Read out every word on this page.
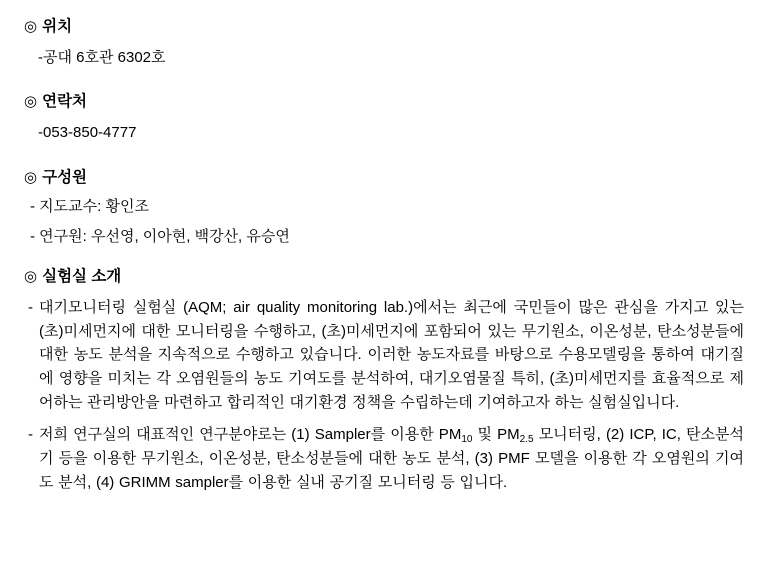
◎ 위치
-공대 6호관 6302호
◎ 연락처
-053-850-4777
◎ 구성원
- 지도교수: 황인조
- 연구원: 우선영, 이아현, 백강산, 유승연
◎ 실험실 소개
- 대기모니터링 실험실 (AQM; air quality monitoring lab.)에서는 최근에 국민들이 많은 관심을 가지고 있는 (초)미세먼지에 대한 모니터링을 수행하고, (초)미세먼지에 포함되어 있는 무기원소, 이온성분, 탄소성분들에 대한 농도 분석을 지속적으로 수행하고 있습니다. 이러한 농도자료를 바탕으로 수용모델링을 통하여 대기질에 영향을 미치는 각 오염원들의 농도 기여도를 분석하여, 대기오염물질 특히, (초)미세먼지를 효율적으로 제어하는 관리방안을 마련하고 합리적인 대기환경 정책을 수립하는데 기여하고자 하는 실험실입니다.
- 저희 연구실의 대표적인 연구분야로는 (1) Sampler를 이용한 $PM_{10}$ 및 $PM_{2.5}$ 모니터링, (2) ICP, IC, 탄소분석기 등을 이용한 무기원소, 이온성분, 탄소성분들에 대한 농도 분석, (3) PMF 모델을 이용한 각 오염원의 기여도 분석, (4) GRIMM sampler를 이용한 실내 공기질 모니터링 등 입니다.
